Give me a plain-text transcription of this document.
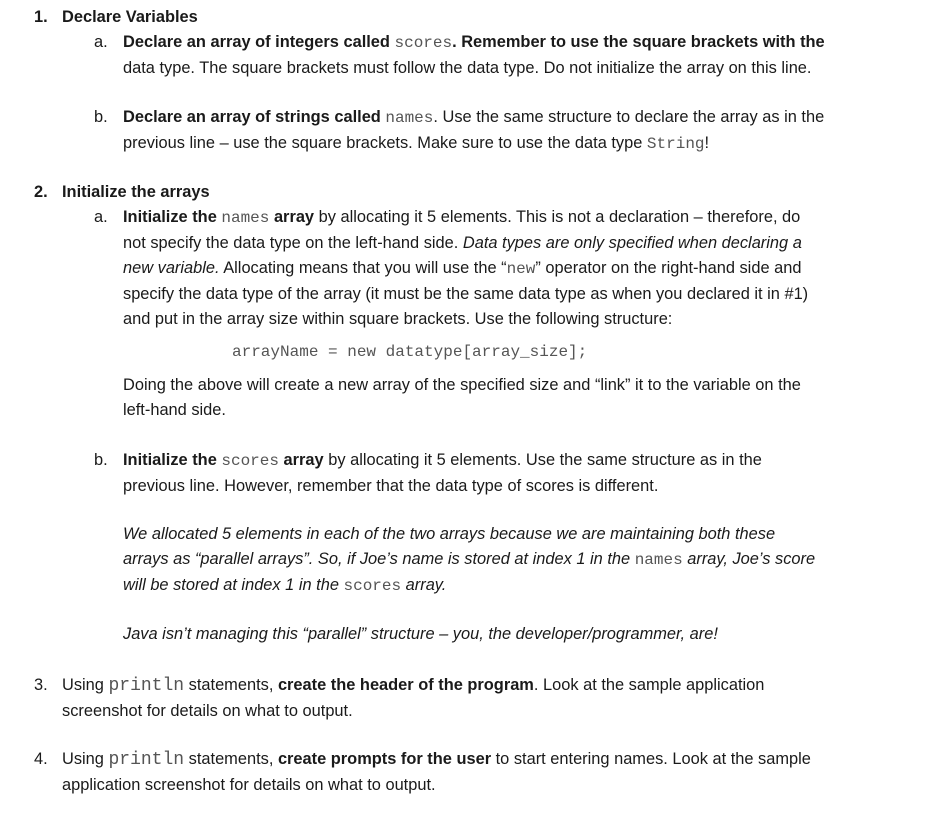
1. Declare Variables
a. Declare an array of integers called scores. Remember to use the square brackets with the

data type. The square brackets must follow the data type. Do not initialize the array on this line.

b. Declare an array of strings called names. Use the same structure to declare the array as in the

previous line – use the square brackets. Make sure to use the data type String!

2. Initialize the arrays
a. Initialize the names array by allocating it 5 elements. This is not a declaration – therefore, do

not specify the data type on the left-hand side. Data types are only specified when declaring a

new variable. Allocating means that you will use the “new” operator on the right-hand side and

specify the data type of the array (it must be the same data type as when you declared it in #1)

and put in the array size within square brackets. Use the following structure:

arrayName = new datatype[array_size];

Doing the above will create a new array of the specified size and “link” it to the variable on the

left-hand side.

b. Initialize the scores array by allocating it 5 elements. Use the same structure as in the

previous line. However, remember that the data type of scores is different.

We allocated 5 elements in each of the two arrays because we are maintaining both these

arrays as “parallel arrays”. So, if Joe’s name is stored at index 1 in the names array, Joe’s score

will be stored at index 1 in the scores array.

Java isn’t managing this “parallel” structure – you, the developer/programmer, are!
3. Using println statements, create the header of the program. Look at the sample application

screenshot for details on what to output.

4. Using println statements, create prompts for the user to start entering names. Look at the sample

application screenshot for details on what to output.
